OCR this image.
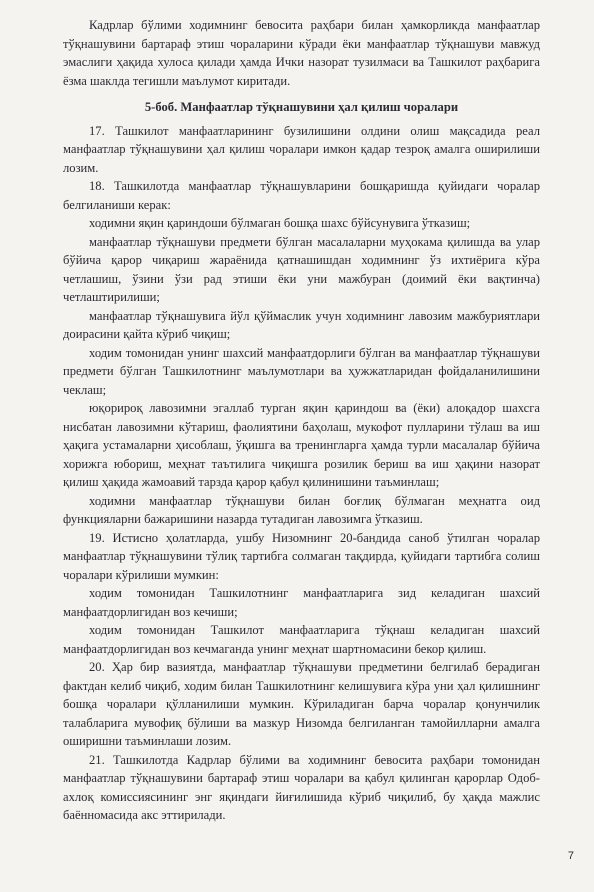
Кадрлар бўлими ходимнинг бевосита раҳбари билан ҳамкорликда манфаатлар тўқнашувини бартараф этиш чораларини кўради ёки манфаатлар тўқнашуви мавжуд эмаслиги ҳақида хулоса қилади ҳамда Ички назорат тузилмаси ва Ташкилот раҳбарига ёзма шаклда тегишли маълумот киритади.

5-боб. Манфаатлар тўқнашувини ҳал қилиш чоралари

17. Ташкилот манфаатларининг бузилишини олдини олиш мақсадида реал манфаатлар тўқнашувини ҳал қилиш чоралари имкон қадар тезроқ амалга оширилиши лозим.

18. Ташкилотда манфаатлар тўқнашувларини бошқаришда қуйидаги чоралар белгиланиши керак:

ходимни яқин қариндоши бўлмаган бошқа шахс бўйсунувига ўтказиш;

манфаатлар тўқнашуви предмети бўлган масалаларни муҳокама қилишда ва улар бўйича қарор чиқариш жараёнида қатнашишдан ходимнинг ўз ихтиёрига кўра четлашиш, ўзини ўзи рад этиши ёки уни мажбуран (доимий ёки вақтинча) четлаштирилиши;

манфаатлар тўқнашувига йўл қўймаслик учун ходимнинг лавозим мажбуриятлари доирасини қайта кўриб чиқиш;

ходим томонидан унинг шахсий манфаатдорлиги бўлган ва манфаатлар тўқнашуви предмети бўлган Ташкилотнинг маълумотлари ва ҳужжатларидан фойдаланилишини чеклаш;

юқорироқ лавозимни эгаллаб турган яқин қариндош ва (ёки) алоқадор шахсга нисбатан лавозимни кўтариш, фаолиятини баҳолаш, мукофот пулларини тўлаш ва иш ҳақига устамаларни ҳисоблаш, ўқишга ва тренингларга ҳамда турли масалалар бўйича хорижга юбориш, меҳнат таътилига чиқишга розилик бериш ва иш ҳақини назорат қилиш ҳақида жамоавий тарзда қарор қабул қилинишини таъминлаш;

ходимни манфаатлар тўқнашуви билан боғлиқ бўлмаган меҳнатга оид функцияларни бажаришини назарда тутадиган лавозимга ўтказиш.

19. Истисно ҳолатларда, ушбу Низомнинг 20-бандида саноб ўтилган чоралар манфаатлар тўқнашувини тўлиқ тартибга солмаган тақдирда, қуйидаги тартибга солиш чоралари кўрилиши мумкин:

ходим томонидан Ташкилотнинг манфаатларига зид келадиган шахсий манфаатдорлигидан воз кечиши;

ходим томонидан Ташкилот манфаатларига тўқнаш келадиган шахсий манфаатдорлигидан воз кечмаганда унинг меҳнат шартномасини бекор қилиш.

20. Ҳар бир вазиятда, манфаатлар тўқнашуви предметини белгилаб берадиган фактдан келиб чиқиб, ходим билан Ташкилотнинг келишувига кўра уни ҳал қилишнинг бошқа чоралари қўлланилиши мумкин. Кўриладиган барча чоралар қонунчилик талабларига мувофиқ бўлиши ва мазкур Низомда белгиланган тамойилларни амалга оширишни таъминлаши лозим.

21. Ташкилотда Кадрлар бўлими ва ходимнинг бевосита раҳбари томонидан манфаатлар тўқнашувини бартараф этиш чоралари ва қабул қилинган қарорлар Одоб-ахлоқ комиссиясининг энг яқиндаги йиғилишида кўриб чиқилиб, бу ҳақда мажлис баённомасида акс эттирилади.

7
